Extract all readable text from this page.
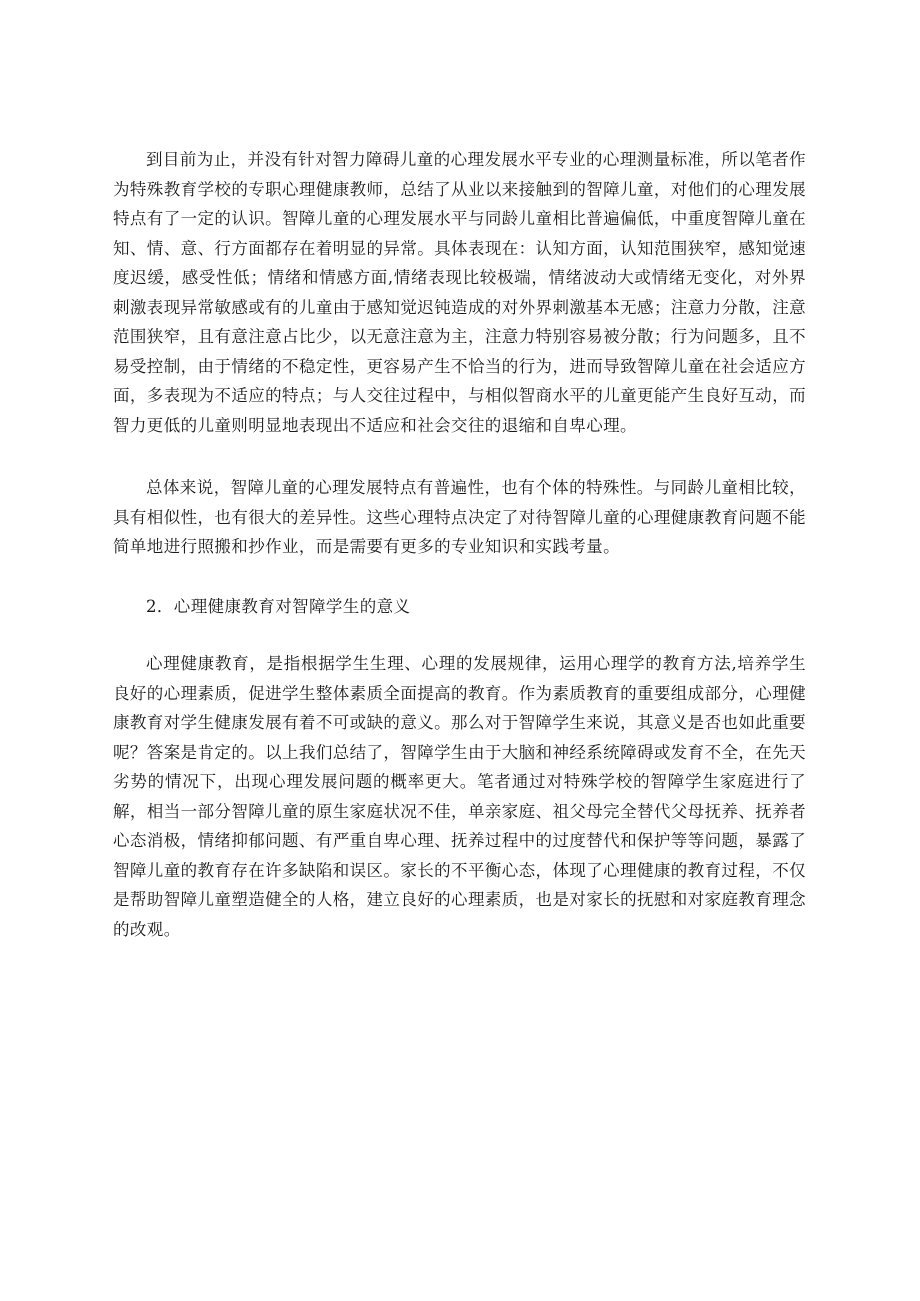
到目前为止，并没有针对智力障碍儿童的心理发展水平专业的心理测量标准，所以笔者作为特殊教育学校的专职心理健康教师，总结了从业以来接触到的智障儿童，对他们的心理发展特点有了一定的认识。智障儿童的心理发展水平与同龄儿童相比普遍偏低，中重度智障儿童在知、情、意、行方面都存在着明显的异常。具体表现在：认知方面，认知范围狭窄，感知觉速度迟缓，感受性低；情绪和情感方面,情绪表现比较极端，情绪波动大或情绪无变化，对外界刺激表现异常敏感或有的儿童由于感知觉迟钝造成的对外界刺激基本无感；注意力分散，注意范围狭窄，且有意注意占比少，以无意注意为主，注意力特别容易被分散；行为问题多，且不易受控制，由于情绪的不稳定性，更容易产生不恰当的行为，进而导致智障儿童在社会适应方面，多表现为不适应的特点；与人交往过程中，与相似智商水平的儿童更能产生良好互动，而智力更低的儿童则明显地表现出不适应和社会交往的退缩和自卑心理。

总体来说，智障儿童的心理发展特点有普遍性，也有个体的特殊性。与同龄儿童相比较，具有相似性，也有很大的差异性。这些心理特点决定了对待智障儿童的心理健康教育问题不能简单地进行照搬和抄作业，而是需要有更多的专业知识和实践考量。

2．心理健康教育对智障学生的意义

心理健康教育，是指根据学生生理、心理的发展规律，运用心理学的教育方法,培养学生良好的心理素质，促进学生整体素质全面提高的教育。作为素质教育的重要组成部分，心理健康教育对学生健康发展有着不可或缺的意义。那么对于智障学生来说，其意义是否也如此重要呢？答案是肯定的。以上我们总结了，智障学生由于大脑和神经系统障碍或发育不全，在先天劣势的情况下，出现心理发展问题的概率更大。笔者通过对特殊学校的智障学生家庭进行了解，相当一部分智障儿童的原生家庭状况不佳，单亲家庭、祖父母完全替代父母抚养、抚养者心态消极，情绪抑郁问题、有严重自卑心理、抚养过程中的过度替代和保护等等问题，暴露了智障儿童的教育存在许多缺陷和误区。家长的不平衡心态，体现了心理健康的教育过程，不仅是帮助智障儿童塑造健全的人格，建立良好的心理素质，也是对家长的抚慰和对家庭教育理念的改观。
